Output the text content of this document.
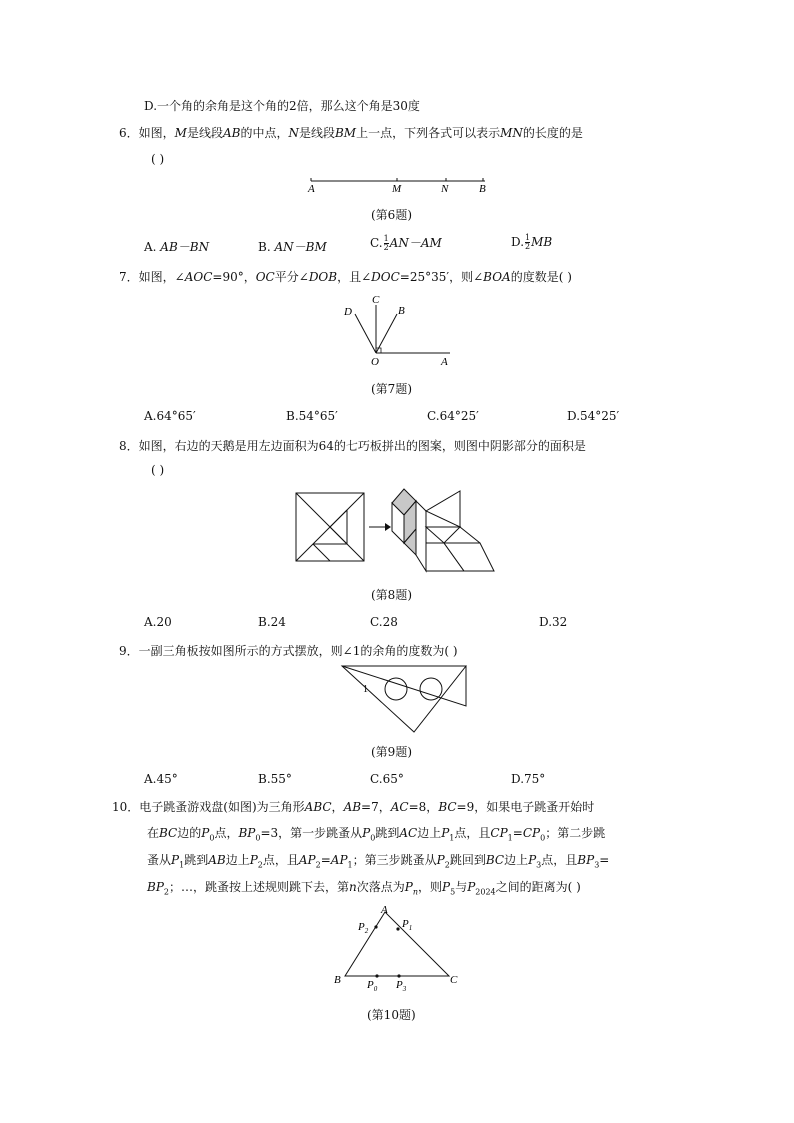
D.一个角的余角是这个角的2倍，那么这个角是30度
6．如图，M是线段AB的中点，N是线段BM上一点，下列各式可以表示MN的长度的是
( )
A	M	N	B
(第6题)
A. AB－BN	B. AN－BM	C. $\frac{1}{2} AN-AM$	D. $\frac{1}{2}$ MB
7．如图，∠AOC=90°，OC平分∠DOB，且∠DOC=25°35′，则∠BOA的度数是( )
C
D	B
O	A
(第7题)
A.64°65′	B.54°65′	C.64°25′	D.54°25′
8．如图，右边的天鹅是用左边面积为64的七巧板拼出的图案，则图中阴影部分的面积是
( )
(第8题)
A.20	B.24	C.28	D.32
9．一副三角板按如图所示的方式摆放，则∠1的余角的度数为( )
1
(第9题)
A.45°	B.55°	C.65°	D.75°
10．电子跳蚤游戏盘(如图)为三角形ABC，AB=7，AC=8，BC=9，如果电子跳蚤开始时
在BC边的$P_0$点，$BP_0=3$，第一步跳蚤从$P_0$跳到AC边上$P_1$点，且$CP_1=CP_0$；第二步跳
蚤从$P_1$跳到AB边上$P_2$点，且$AP_2=AP_1$；第三步跳蚤从$P_2$跳回到BC边上$P_3$点，且$BP_3=$
$BP_2$；…，跳蚤按上述规则跳下去，第n次落点为$P_n$，则$P_5$与$P_{2024}$之间的距离为( )
A
$P_2$
$P_1$
B $P_0$ $P_3$
C
(第10题)
